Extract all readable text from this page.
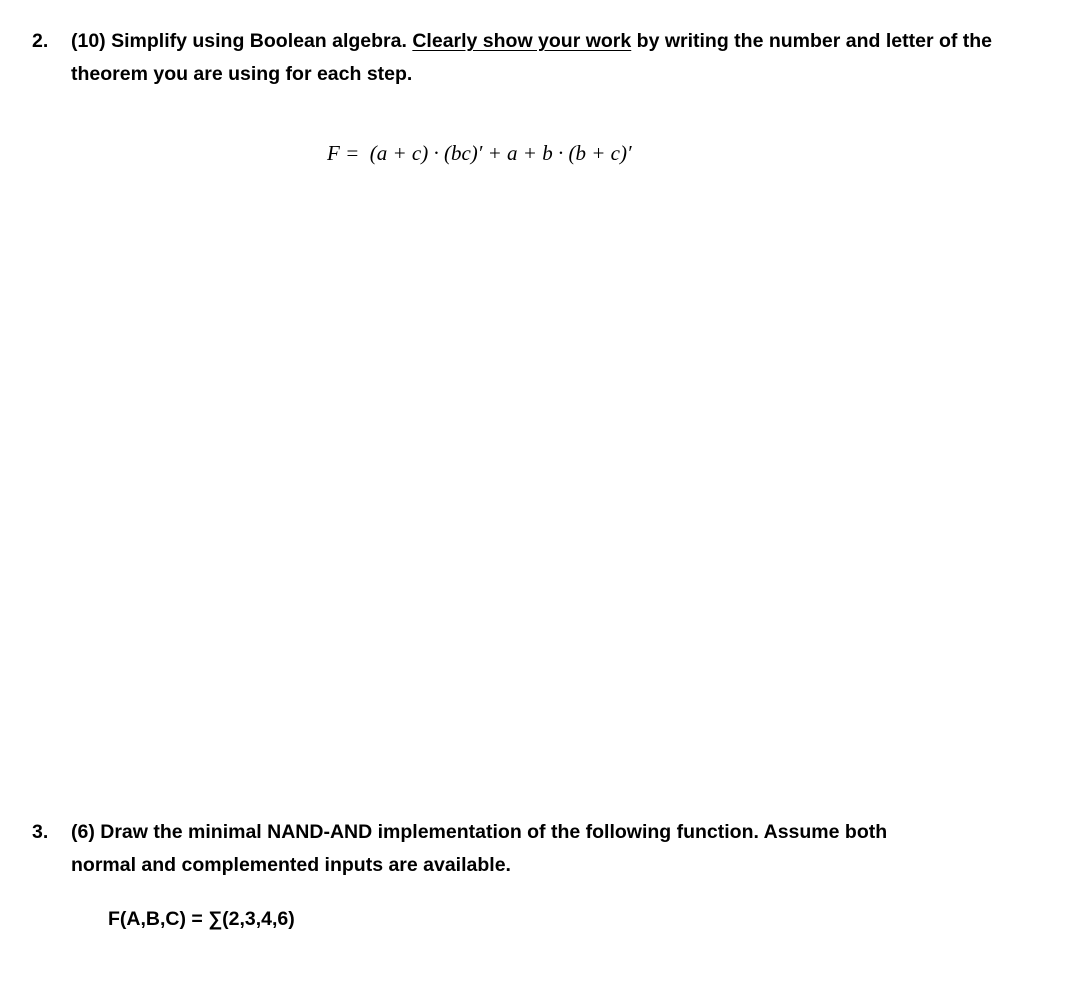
2. (10) Simplify using Boolean algebra. Clearly show your work by writing the number and letter of the theorem you are using for each step.

F =  (a + c) · (bc)′ + a + b · (b + c)′

3. (6) Draw the minimal NAND-AND implementation of the following function. Assume both normal and complemented inputs are available.
F(A,B,C) = ∑(2,3,4,6)
